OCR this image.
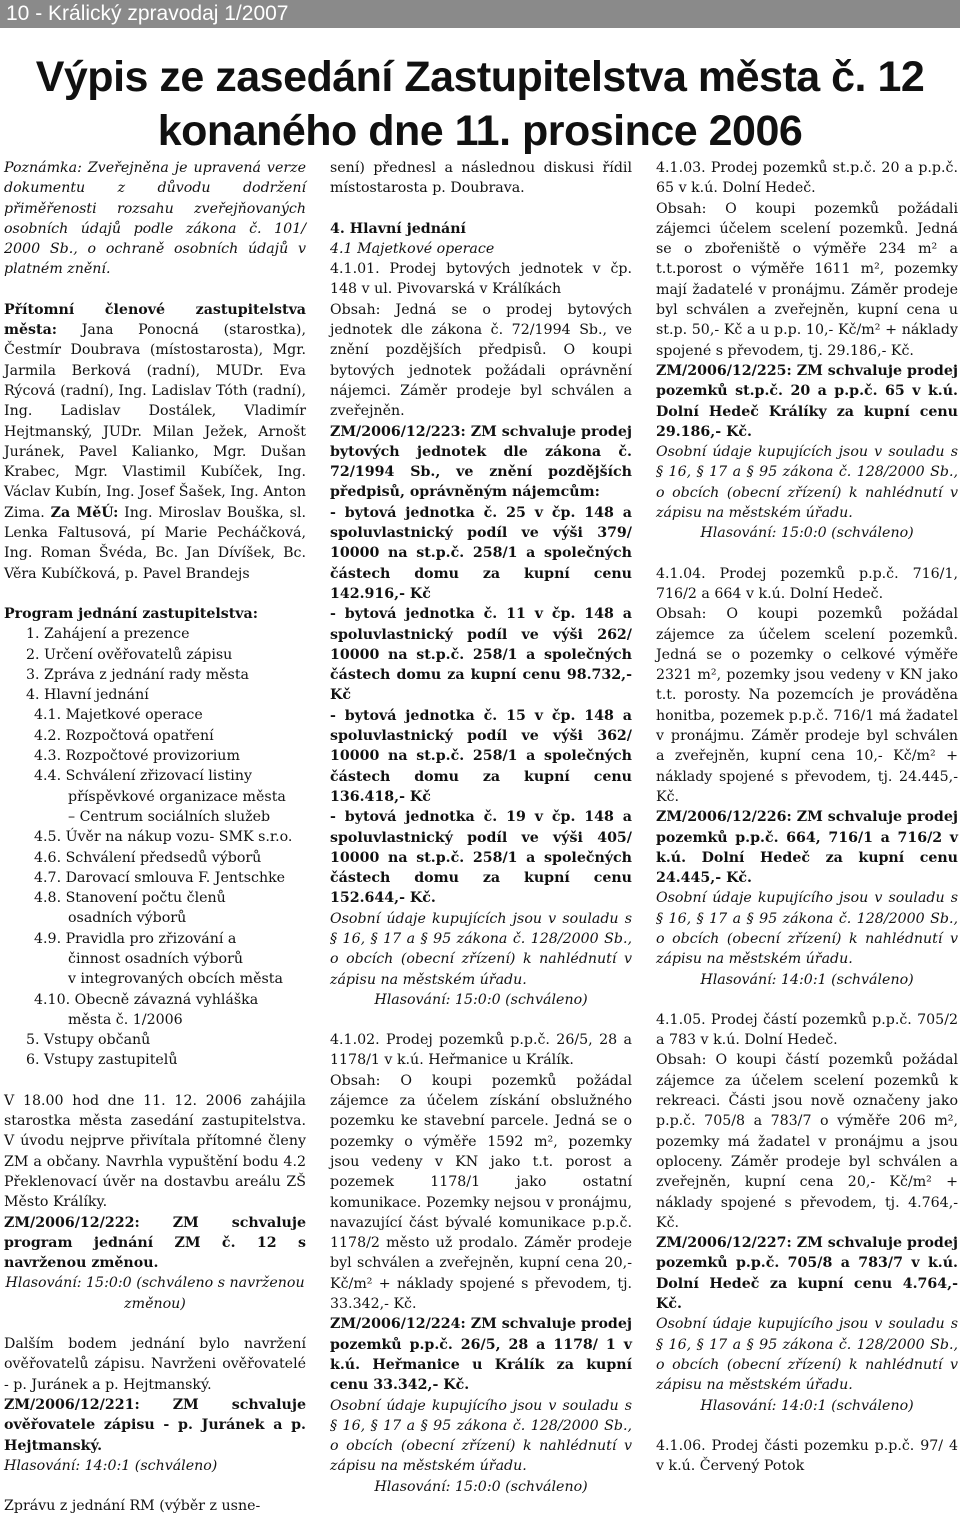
10 - Králický zpravodaj 1/2007
Výpis ze zasedání Zastupitelstva města č. 12
konaného dne 11. prosince 2006

Poznámka: Zveřejněna je upravená verze dokumentu z důvodu dodržení přiměřenosti rozsahu zveřejňovaných osobních údajů podle zákona č. 101/ 2000 Sb., o ochraně osobních údajů v platném znění.

Přítomní členové zastupitelstva města: Jana Ponocná (starostka), Čestmír Doubrava (místostarosta), Mgr. Jarmila Berková (radní), MUDr. Eva Rýcová (radní), Ing. Ladislav Tóth (radní), Ing. Ladislav Dostálek, Vladimír Hejtmanský, JUDr. Milan Ježek, Arnošt Juránek, Pavel Kalianko, Mgr. Dušan Krabec, Mgr. Vlastimil Kubíček, Ing. Václav Kubín, Ing. Josef Šašek, Ing. Anton Zima. Za MěÚ: Ing. Miroslav Bouška, sl. Lenka Faltusová, pí Marie Pecháčková, Ing. Roman Švéda, Bc. Jan Dívíšek, Bc. Věra Kubíčková, p. Pavel Brandejs

Program jednání zastupitelstva:

1. Zahájení a prezence

2. Určení ověřovatelů zápisu

3. Zpráva z jednání rady města

4. Hlavní jednání

4.1. Majetkové operace

4.2. Rozpočtová opatření

4.3. Rozpočtové provizorium

4.4. Schválení zřizovací listiny

příspěvkové organizace města

– Centrum sociálních služeb

4.5. Úvěr na nákup vozu- SMK s.r.o.

4.6. Schválení předsedů výborů

4.7. Darovací smlouva F. Jentschke

4.8. Stanovení počtu členů

osadních výborů

4.9. Pravidla pro zřizování a

činnost osadních výborů

v integrovaných obcích města

4.10. Obecně závazná vyhláška

města č. 1/2006

5. Vstupy občanů

6. Vstupy zastupitelů

V 18.00 hod dne 11. 12. 2006 zahájila starostka města zasedání zastupitelstva. V úvodu nejprve přivítala přítomné členy ZM a občany. Navrhla vypuštění bodu 4.2 Překlenovací úvěr na dostavbu areálu ZŠ Město Králíky.

ZM/2006/12/222: ZM schvaluje program jednání ZM č. 12 s navrženou změnou.

Hlasování: 15:0:0 (schváleno s navrženou změnou)

Dalším bodem jednání bylo navržení ověřovatelů zápisu. Navrženi ověřovatelé - p. Juránek a p. Hejtmanský.

ZM/2006/12/221: ZM schvaluje ověřovatele zápisu - p. Juránek a p. Hejtmanský.

Hlasování: 14:0:1 (schváleno)

Zprávu z jednání RM (výběr z usne-

sení) přednesl a následnou diskusi řídil místostarosta p. Doubrava.

4. Hlavní jednání

4.1 Majetkové operace

4.1.01. Prodej bytových jednotek v čp. 148 v ul. Pivovarská v Králíkách

Obsah: Jedná se o prodej bytových jednotek dle zákona č. 72/1994 Sb., ve znění pozdějších předpisů. O koupi bytových jednotek požádali oprávnění nájemci. Záměr prodeje byl schválen a zveřejněn.

ZM/2006/12/223: ZM schvaluje prodej bytových jednotek dle zákona č. 72/1994 Sb., ve znění pozdějších předpisů, oprávněným nájemcům:

- bytová jednotka č. 25 v čp. 148 a spoluvlastnický podíl ve výši 379/ 10000 na st.p.č. 258/1 a společných částech domu za kupní cenu 142.916,- Kč

- bytová jednotka č. 11 v čp. 148 a spoluvlastnický podíl ve výši 262/ 10000 na st.p.č. 258/1 a společných částech domu za kupní cenu 98.732,- Kč

- bytová jednotka č. 15 v čp. 148 a spoluvlastnický podíl ve výši 362/ 10000 na st.p.č. 258/1 a společných částech domu za kupní cenu 136.418,- Kč

- bytová jednotka č. 19 v čp. 148 a spoluvlastnický podíl ve výši 405/ 10000 na st.p.č. 258/1 a společných částech domu za kupní cenu 152.644,- Kč.

Osobní údaje kupujících jsou v souladu s § 16, § 17 a § 95 zákona č. 128/2000 Sb., o obcích (obecní zřízení) k nahlédnutí v zápisu na městském úřadu.

Hlasování: 15:0:0 (schváleno)

4.1.02. Prodej pozemků p.p.č. 26/5, 28 a 1178/1 v k.ú. Heřmanice u Králík.

Obsah: O koupi pozemků požádal zájemce za účelem získání obslužného pozemku ke stavební parcele. Jedná se o pozemky o výměře 1592 m², pozemky jsou vedeny v KN jako t.t. porost a pozemek 1178/1 jako ostatní komunikace. Pozemky nejsou v pronájmu, navazující část bývalé komunikace p.p.č. 1178/2 město už prodalo. Záměr prodeje byl schválen a zveřejněn, kupní cena 20,- Kč/m² + náklady spojené s převodem, tj. 33.342,- Kč.

ZM/2006/12/224: ZM schvaluje prodej pozemků p.p.č. 26/5, 28 a 1178/ 1 v k.ú. Heřmanice u Králík za kupní cenu 33.342,- Kč.

Osobní údaje kupujícího jsou v souladu s § 16, § 17 a § 95 zákona č. 128/2000 Sb., o obcích (obecní zřízení) k nahlédnutí v zápisu na městském úřadu.

Hlasování: 15:0:0 (schváleno)

4.1.03. Prodej pozemků st.p.č. 20 a p.p.č. 65 v k.ú. Dolní Hedeč.

Obsah: O koupi pozemků požádali zájemci účelem scelení pozemků. Jedná se o zbořeniště o výměře 234 m² a t.t.porost o výměře 1611 m², pozemky mají žadatelé v pronájmu. Záměr prodeje byl schválen a zveřejněn, kupní cena u st.p. 50,- Kč a u p.p. 10,- Kč/m² + náklady spojené s převodem, tj. 29.186,- Kč.

ZM/2006/12/225: ZM schvaluje prodej pozemků st.p.č. 20 a p.p.č. 65 v k.ú. Dolní Hedeč Králíky za kupní cenu 29.186,- Kč.

Osobní údaje kupujících jsou v souladu s § 16, § 17 a § 95 zákona č. 128/2000 Sb., o obcích (obecní zřízení) k nahlédnutí v zápisu na městském úřadu.

Hlasování: 15:0:0 (schváleno)

4.1.04. Prodej pozemků p.p.č. 716/1, 716/2 a 664 v k.ú. Dolní Hedeč.

Obsah: O koupi pozemků požádal zájemce za účelem scelení pozemků. Jedná se o pozemky o celkové výměře 2321 m², pozemky jsou vedeny v KN jako t.t. porosty. Na pozemcích je prováděna honitba, pozemek p.p.č. 716/1 má žadatel v pronájmu. Záměr prodeje byl schválen a zveřejněn, kupní cena 10,- Kč/m² + náklady spojené s převodem, tj. 24.445,- Kč.

ZM/2006/12/226: ZM schvaluje prodej pozemků p.p.č. 664, 716/1 a 716/2 v k.ú. Dolní Hedeč za kupní cenu 24.445,- Kč.

Osobní údaje kupujícího jsou v souladu s § 16, § 17 a § 95 zákona č. 128/2000 Sb., o obcích (obecní zřízení) k nahlédnutí v zápisu na městském úřadu.

Hlasování: 14:0:1 (schváleno)

4.1.05. Prodej částí pozemků p.p.č. 705/2 a 783 v k.ú. Dolní Hedeč.

Obsah: O koupi částí pozemků požádal zájemce za účelem scelení pozemků k rekreaci. Části jsou nově označeny jako p.p.č. 705/8 a 783/7 o výměře 206 m², pozemky má žadatel v pronájmu a jsou oploceny. Záměr prodeje byl schválen a zveřejněn, kupní cena 20,- Kč/m² + náklady spojené s převodem, tj. 4.764,- Kč.

ZM/2006/12/227: ZM schvaluje prodej pozemků p.p.č. 705/8 a 783/7 v k.ú. Dolní Hedeč za kupní cenu 4.764,- Kč.

Osobní údaje kupujícího jsou v souladu s § 16, § 17 a § 95 zákona č. 128/2000 Sb., o obcích (obecní zřízení) k nahlédnutí v zápisu na městském úřadu.

Hlasování: 14:0:1 (schváleno)

4.1.06. Prodej části pozemku p.p.č. 97/ 4 v k.ú. Červený Potok
